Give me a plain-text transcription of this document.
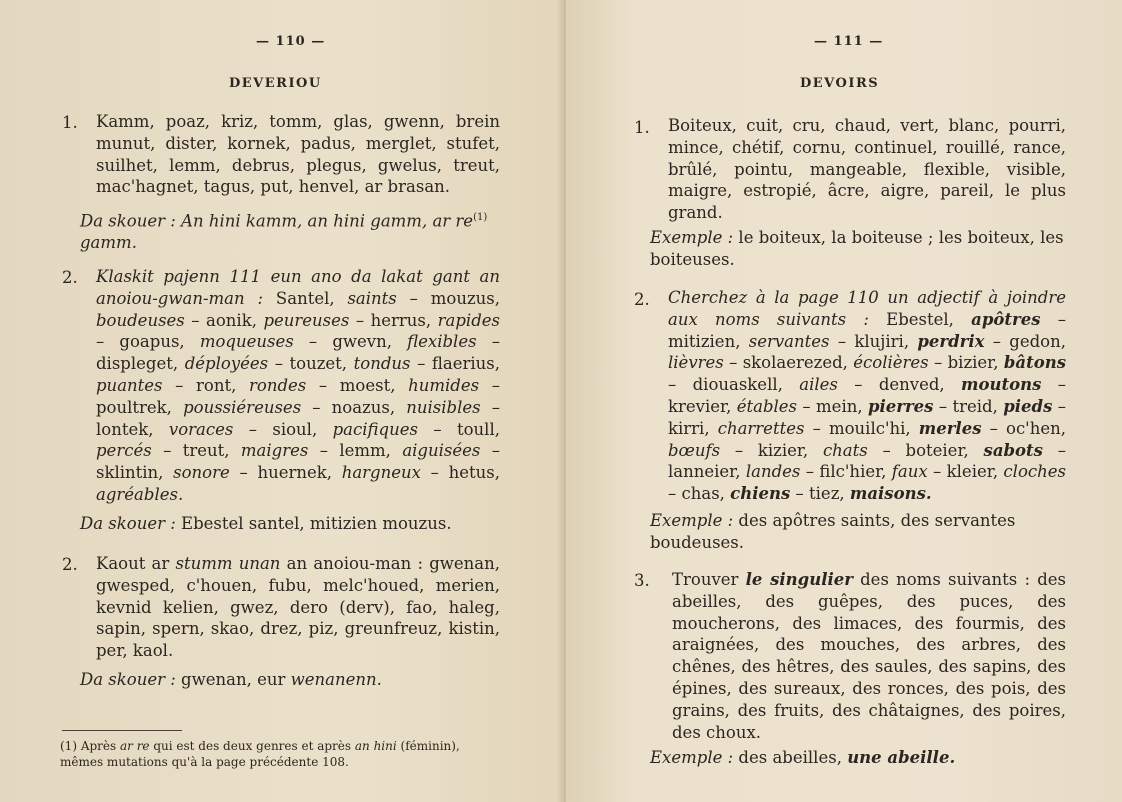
— 110 —
DEVERIOU
1. Kamm, poaz, kriz, tomm, glas, gwenn, brein munut, dister, kornek, padus, merglet, stufet, suilhet, lemm, debrus, plegus, gwelus, treut, mac'hagnet, tagus, put, henvel, ar brasan.
Da skouer : An hini kamm, an hini gamm, ar $re^{(1)}$ gamm.
2. Klaskit pajenn 111 eun ano da lakat gant an anoiou-gwan-man : Santel, saints – mouzus, boudeuses – aonik, peureuses – herrus, rapides – goapus, moqueuses – gwevn, flexibles – displeget, déployées – touzet, tondus – flaerius, puantes – ront, rondes – moest, humides – poultrek, poussiéreuses – noazus, nuisibles – lontek, voraces – sioul, pacifiques – toull, percés – treut, maigres – lemm, aiguisées – sklintin, sonore – huernek, hargneux – hetus, agréables.
Da skouer : Ebestel santel, mitizien mouzus.
2. Kaout ar stumm unan an anoiou-man : gwenan, gwesped, c'houen, fubu, melc'houed, merien, kevnid kelien, gwez, dero (derv), fao, haleg, sapin, spern, skao, drez, piz, greunfreuz, kistin, per, kaol.
Da skouer : gwenan, eur wenanenn.
(1) Après ar re qui est des deux genres et après an hini (féminin), mêmes mutations qu'à la page précédente 108.
— 111 —
DEVOIRS
1. Boiteux, cuit, cru, chaud, vert, blanc, pourri, mince, chétif, cornu, continuel, rouillé, rance, brûlé, pointu, mangeable, flexible, visible, maigre, estropié, âcre, aigre, pareil, le plus grand.
Exemple : le boiteux, la boiteuse ; les boiteux, les boiteuses.
2. Cherchez à la page 110 un adjectif à joindre aux noms suivants : Ebestel, apôtres – mitizien, servantes – klujiri, perdrix – gedon, lièvres – skolaerezed, écolières – bizier, bâtons – diouaskell, ailes – denved, moutons – krevier, étables – mein, pierres – treid, pieds – kirri, charrettes – mouilc'hi, merles – oc'hen, bœufs – kizier, chats – boteier, sabots – lanneier, landes – filc'hier, faux – kleier, cloches – chas, chiens – tiez, maisons.
Exemple : des apôtres saints, des servantes boudeuses.
3. Trouver le singulier des noms suivants : des abeilles, des guêpes, des puces, des moucherons, des limaces, des fourmis, des araignées, des mouches, des arbres, des chênes, des hêtres, des saules, des sapins, des épines, des sureaux, des ronces, des pois, des grains, des fruits, des châtaignes, des poires, des choux.
Exemple : des abeilles, une abeille.
